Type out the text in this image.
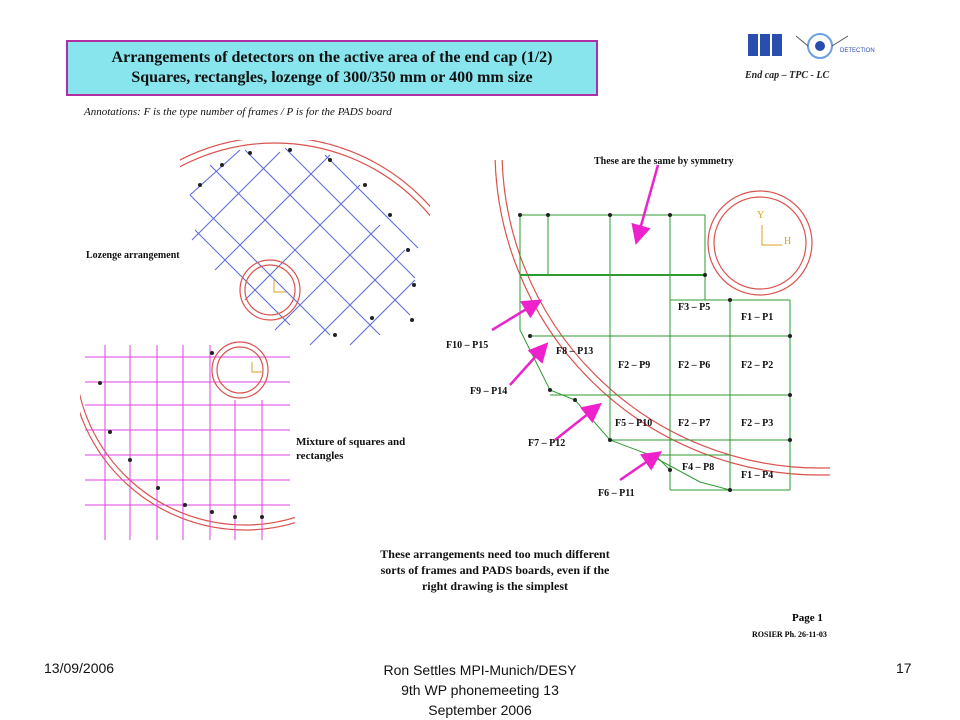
Arrangements of detectors on the active area of the end cap (1/2)
Squares, rectangles, lozenge of 300/350 mm or 400 mm size
Annotations: F is the type number of frames / P is for the PADS board
DETECTION
End cap – TPC - LC
Y
H
Lozenge arrangement
Mixture of squares and
rectangles
These are the same by symmetry
F3 – P5
F1 – P1
F8 – P13
F2 – P9	F2 – P6	F2 – P2
F5 – P10	F2 – P7	F2 – P3
F4 – P8
F1 – P4
F10 – P15
F9 – P14
F7 – P12
F6 – P11
These arrangements need too much different
sorts of frames and PADS boards, even if the
right drawing is the simplest
Page 1
ROSIER Ph. 26-11-03
13/09/2006	Ron Settles MPI-Munich/DESY
9th WP phonemeeting 13
September 2006
17
